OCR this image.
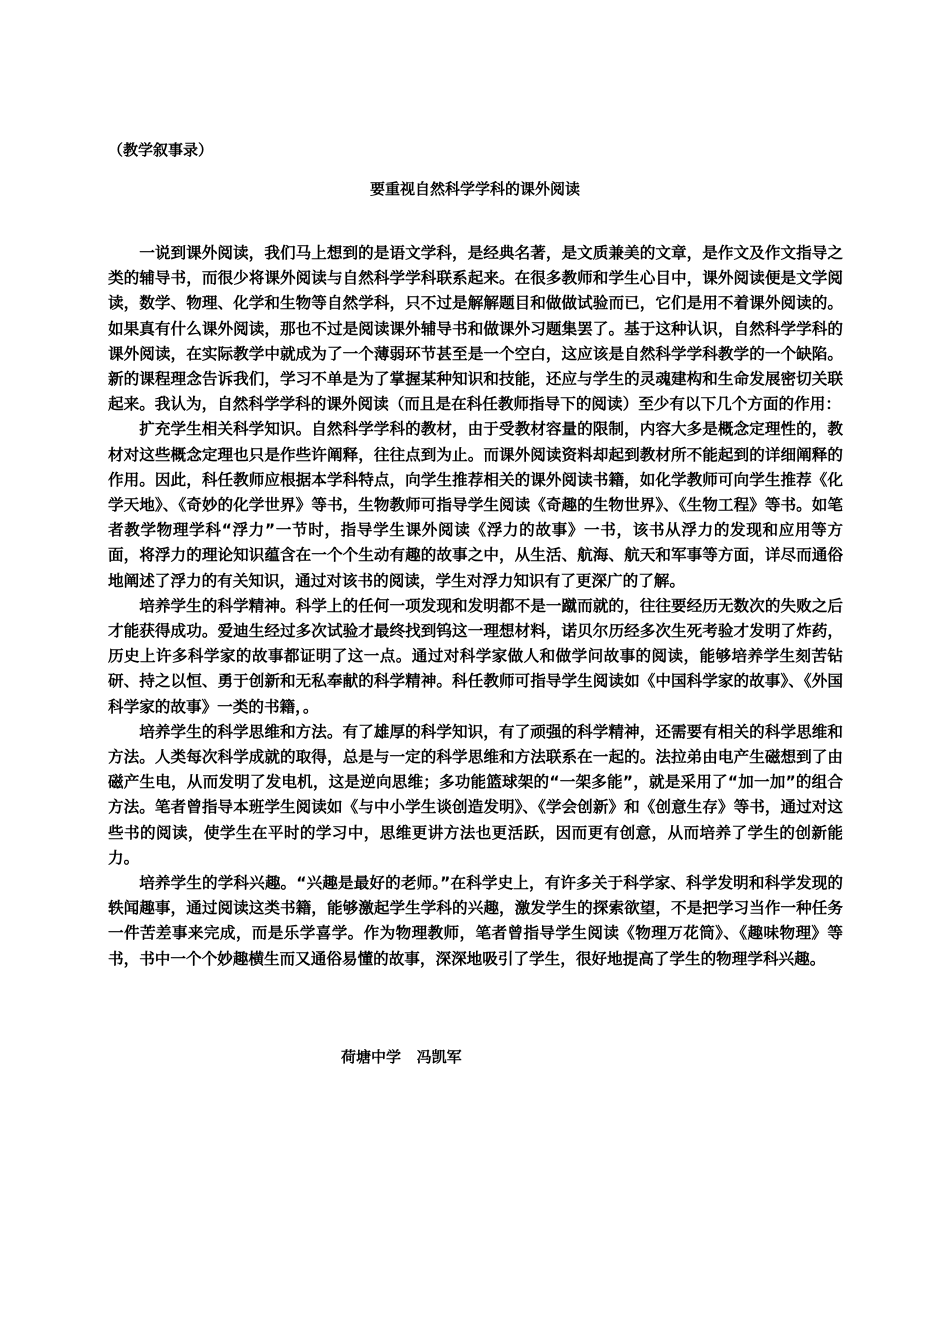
（教学叙事录）
要重视自然科学学科的课外阅读

一说到课外阅读，我们马上想到的是语文学科，是经典名著，是文质兼美的文章，是作文及作文指导之类的辅导书，而很少将课外阅读与自然科学学科联系起来。在很多教师和学生心目中，课外阅读便是文学阅读，数学、物理、化学和生物等自然学科，只不过是解解题目和做做试验而已，它们是用不着课外阅读的。如果真有什么课外阅读，那也不过是阅读课外辅导书和做课外习题集罢了。基于这种认识，自然科学学科的课外阅读，在实际教学中就成为了一个薄弱环节甚至是一个空白，这应该是自然科学学科教学的一个缺陷。新的课程理念告诉我们，学习不单是为了掌握某种知识和技能，还应与学生的灵魂建构和生命发展密切关联起来。我认为，自然科学学科的课外阅读（而且是在科任教师指导下的阅读）至少有以下几个方面的作用：

扩充学生相关科学知识。自然科学学科的教材，由于受教材容量的限制，内容大多是概念定理性的，教材对这些概念定理也只是作些许阐释，往往点到为止。而课外阅读资料却起到教材所不能起到的详细阐释的作用。因此，科任教师应根据本学科特点，向学生推荐相关的课外阅读书籍，如化学教师可向学生推荐《化学天地》、《奇妙的化学世界》等书，生物教师可指导学生阅读《奇趣的生物世界》、《生物工程》等书。如笔者教学物理学科“浮力”一节时，指导学生课外阅读《浮力的故事》一书，该书从浮力的发现和应用等方面，将浮力的理论知识蕴含在一个个生动有趣的故事之中，从生活、航海、航天和军事等方面，详尽而通俗地阐述了浮力的有关知识，通过对该书的阅读，学生对浮力知识有了更深广的了解。

培养学生的科学精神。科学上的任何一项发现和发明都不是一蹴而就的，往往要经历无数次的失败之后才能获得成功。爱迪生经过多次试验才最终找到钨这一理想材料，诺贝尔历经多次生死考验才发明了炸药，历史上许多科学家的故事都证明了这一点。通过对科学家做人和做学问故事的阅读，能够培养学生刻苦钻研、持之以恒、勇于创新和无私奉献的科学精神。科任教师可指导学生阅读如《中国科学家的故事》、《外国科学家的故事》一类的书籍，。

培养学生的科学思维和方法。有了雄厚的科学知识，有了顽强的科学精神，还需要有相关的科学思维和方法。人类每次科学成就的取得，总是与一定的科学思维和方法联系在一起的。法拉弟由电产生磁想到了由磁产生电，从而发明了发电机，这是逆向思维；多功能篮球架的“一架多能”，就是采用了“加一加”的组合方法。笔者曾指导本班学生阅读如《与中小学生谈创造发明》、《学会创新》和《创意生存》等书，通过对这些书的阅读，使学生在平时的学习中，思维更讲方法也更活跃，因而更有创意，从而培养了学生的创新能力。

培养学生的学科兴趣。“兴趣是最好的老师。”在科学史上，有许多关于科学家、科学发明和科学发现的轶闻趣事，通过阅读这类书籍，能够激起学生学科的兴趣，激发学生的探索欲望，不是把学习当作一种任务一件苦差事来完成，而是乐学喜学。作为物理教师，笔者曾指导学生阅读《物理万花筒》、《趣味物理》等书，书中一个个妙趣横生而又通俗易懂的故事，深深地吸引了学生，很好地提高了学生的物理学科兴趣。

荷塘中学   冯凯军
